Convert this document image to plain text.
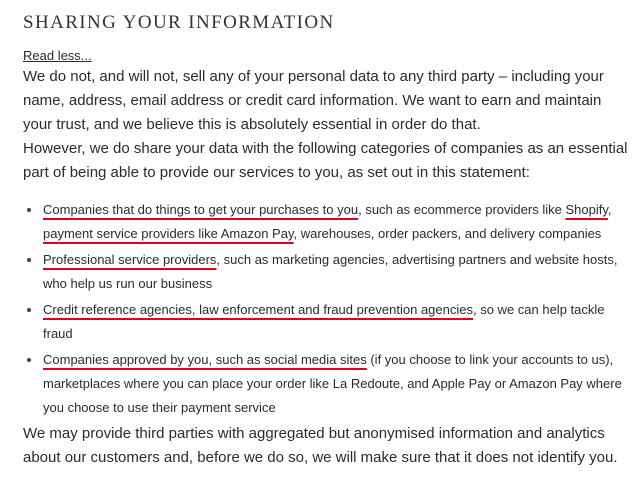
SHARING YOUR INFORMATION
Read less...

We do not, and will not, sell any of your personal data to any third party – including your name, address, email address or credit card information. We want to earn and maintain your trust, and we believe this is absolutely essential in order do that.

However, we do share your data with the following categories of companies as an essential part of being able to provide our services to you, as set out in this statement:

Companies that do things to get your purchases to you, such as ecommerce providers like Shopify, payment service providers like Amazon Pay, warehouses, order packers, and delivery companies
Professional service providers, such as marketing agencies, advertising partners and website hosts, who help us run our business
Credit reference agencies, law enforcement and fraud prevention agencies, so we can help tackle fraud
Companies approved by you, such as social media sites (if you choose to link your accounts to us), marketplaces where you can place your order like La Redoute, and Apple Pay or Amazon Pay where you choose to use their payment service

We may provide third parties with aggregated but anonymised information and analytics about our customers and, before we do so, we will make sure that it does not identify you.
